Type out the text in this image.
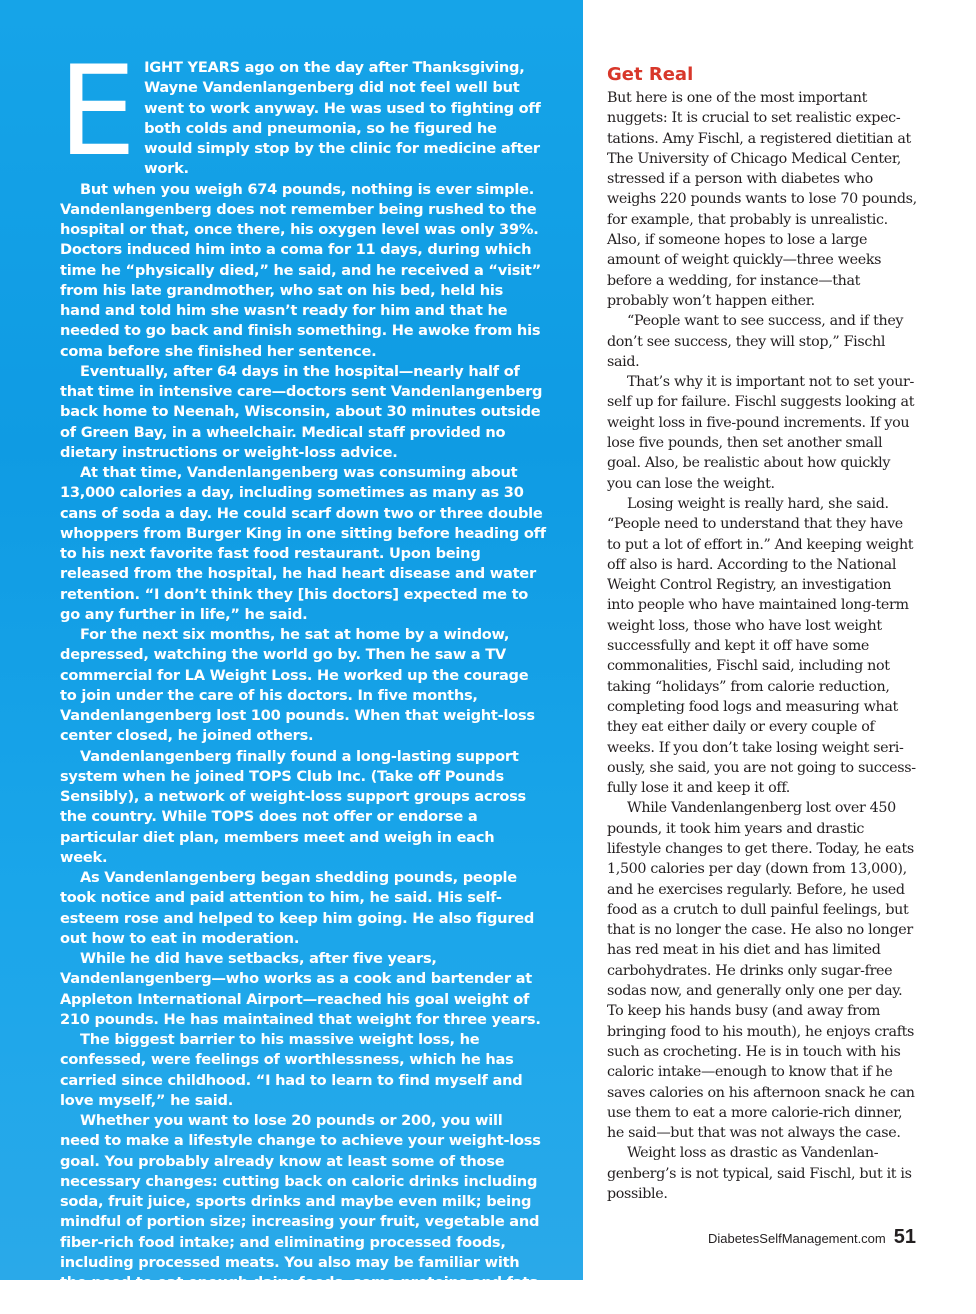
EIGHT YEARS ago on the day after Thanksgiving, Wayne Vandenlangenberg did not feel well but went to work anyway. He was used to fighting off both colds and pneumonia, so he figured he would simply stop by the clinic for medicine after work.

But when you weigh 674 pounds, nothing is ever simple. Vandenlangenberg does not remember being rushed to the hospital or that, once there, his oxygen level was only 39%. Doctors induced him into a coma for 11 days, during which time he “physically died,” he said, and he received a “visit” from his late grandmother, who sat on his bed, held his hand and told him she wasn’t ready for him and that he needed to go back and finish something. He awoke from his coma before she finished her sentence.

Eventually, after 64 days in the hospital—nearly half of that time in intensive care—doctors sent Vandenlangenberg back home to Neenah, Wisconsin, about 30 minutes outside of Green Bay, in a wheelchair. Medical staff provided no dietary instructions or weight-loss advice.

At that time, Vandenlangenberg was consuming about 13,000 calories a day, including sometimes as many as 30 cans of soda a day. He could scarf down two or three double whoppers from Burger King in one sitting before heading off to his next favorite fast food restaurant. Upon being released from the hospital, he had heart disease and water retention. “I don’t think they [his doctors] expected me to go any further in life,” he said.

For the next six months, he sat at home by a window, depressed, watching the world go by. Then he saw a TV commercial for LA Weight Loss. He worked up the courage to join under the care of his doctors. In five months, Vandenlangenberg lost 100 pounds. When that weight-loss center closed, he joined others.

Vandenlangenberg finally found a long-lasting support system when he joined TOPS Club Inc. (Take off Pounds Sensibly), a network of weight-loss support groups across the country. While TOPS does not offer or endorse a particular diet plan, members meet and weigh in each week.

As Vandenlangenberg began shedding pounds, people took notice and paid attention to him, he said. His self-esteem rose and helped to keep him going. He also figured out how to eat in moderation.

While he did have setbacks, after five years, Vandenlangenberg—who works as a cook and bartender at Appleton International Airport—reached his goal weight of 210 pounds. He has maintained that weight for three years.

The biggest barrier to his massive weight loss, he confessed, were feelings of worthlessness, which he has carried since childhood. “I had to learn to find myself and love myself,” he said.

Whether you want to lose 20 pounds or 200, you will need to make a lifestyle change to achieve your weight-loss goal. You probably already know at least some of those necessary changes: cutting back on caloric drinks including soda, fruit juice, sports drinks and maybe even milk; being mindful of portion size; increasing your fruit, vegetable and fiber-rich food intake; and eliminating processed foods, including processed meats. You also may be familiar with the need to eat enough dairy foods, some proteins and fats and to ensure a mix of all foods in your diet.

Get Real

But here is one of the most important nuggets: It is crucial to set realistic expectations. Amy Fischl, a registered dietitian at The University of Chicago Medical Center, stressed if a person with diabetes who weighs 220 pounds wants to lose 70 pounds, for example, that probably is unrealistic. Also, if someone hopes to lose a large amount of weight quickly—three weeks before a wedding, for instance—that probably won’t happen either.

“People want to see success, and if they don’t see success, they will stop,” Fischl said.

That’s why it is important not to set yourself up for failure. Fischl suggests looking at weight loss in five-pound increments. If you lose five pounds, then set another small goal. Also, be realistic about how quickly you can lose the weight.

Losing weight is really hard, she said. “People need to understand that they have to put a lot of effort in.” And keeping weight off also is hard. According to the National Weight Control Registry, an investigation into people who have maintained long-term weight loss, those who have lost weight successfully and kept it off have some commonalities, Fischl said, including not taking “holidays” from calorie reduction, completing food logs and measuring what they eat either daily or every couple of weeks. If you don’t take losing weight seriously, she said, you are not going to successfully lose it and keep it off.

While Vandenlangenberg lost over 450 pounds, it took him years and drastic lifestyle changes to get there. Today, he eats 1,500 calories per day (down from 13,000), and he exercises regularly. Before, he used food as a crutch to dull painful feelings, but that is no longer the case. He also no longer has red meat in his diet and has limited carbohydrates. He drinks only sugar-free sodas now, and generally only one per day. To keep his hands busy (and away from bringing food to his mouth), he enjoys crafts such as crocheting. He is in touch with his caloric intake—enough to know that if he saves calories on his afternoon snack he can use them to eat a more calorie-rich dinner, he said—but that was not always the case.

Weight loss as drastic as Vandenlangenberg’s is not typical, said Fischl, but it is possible.

DiabetesSelfManagement.com 51
